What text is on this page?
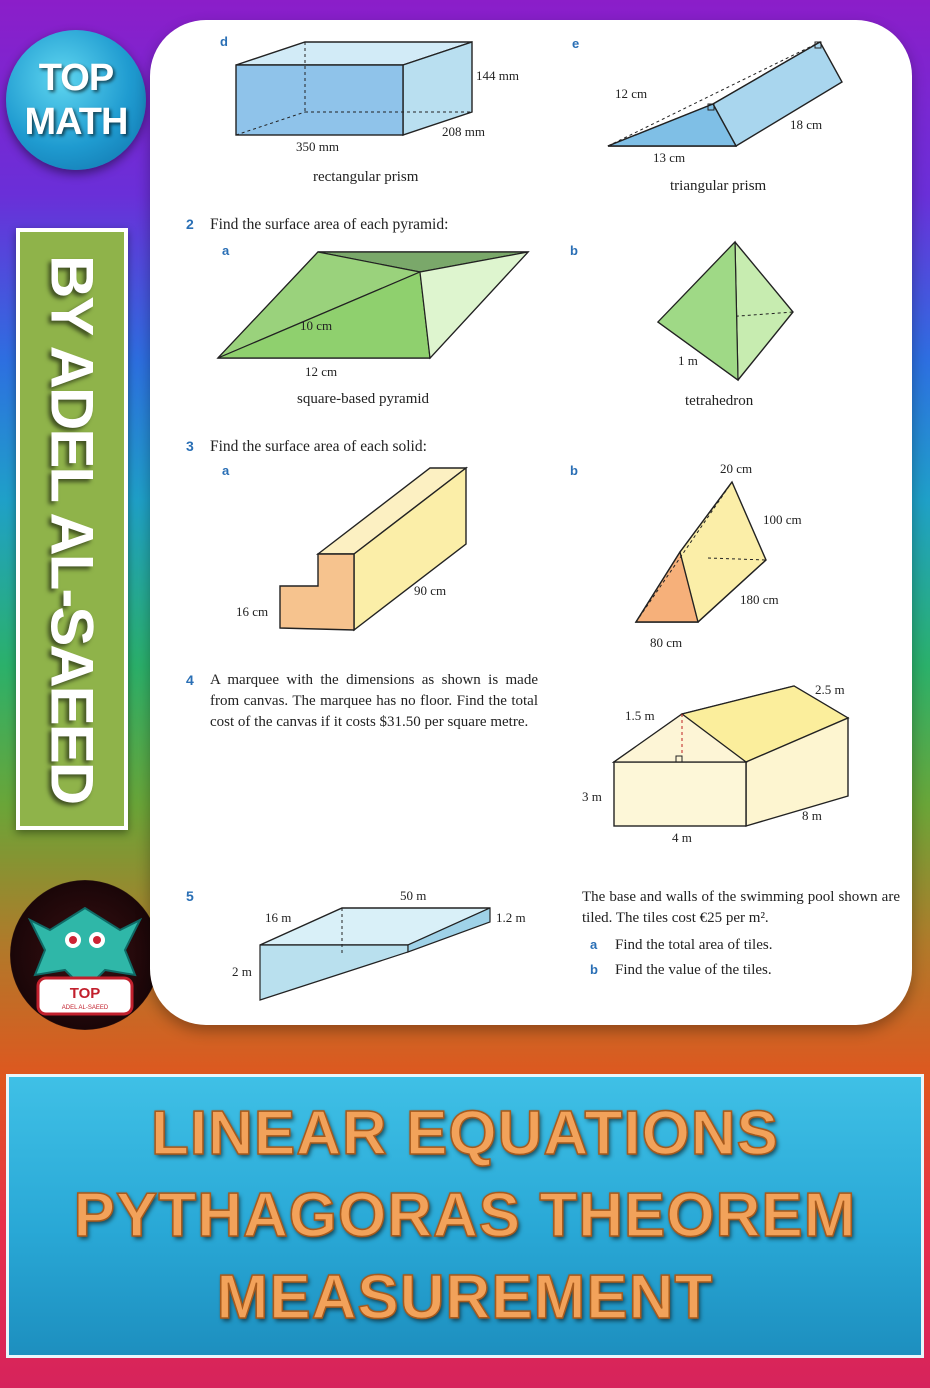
TOP
MATH
BY ADEL AL-SAEED
TOP
ADEL AL-SAEED
d
144 mm
208 mm
350 mm
rectangular prism
e
12 cm
18 cm
13 cm
triangular prism
2 Find the surface area of each pyramid:
a
10 cm
12 cm
square-based pyramid
b
1 m
tetrahedron
3 Find the surface area of each solid:
a
90 cm
16 cm
b	20 cm
100 cm
180 cm
80 cm
4
2.5 m
1.5 m
3 m
8 m
4 m
5	50 m
16 m	1.2 m
2 m
a Find the total area of tiles.
b Find the value of the tiles.
A marquee with the dimensions as shown is made from canvas. The marquee has no floor. Find the total cost of the canvas if it costs $31.50 per square metre.
The base and walls of the swimming pool shown are tiled. The tiles cost €25 per m².
LINEAR EQUATIONS
PYTHAGORAS THEOREM
MEASUREMENT
